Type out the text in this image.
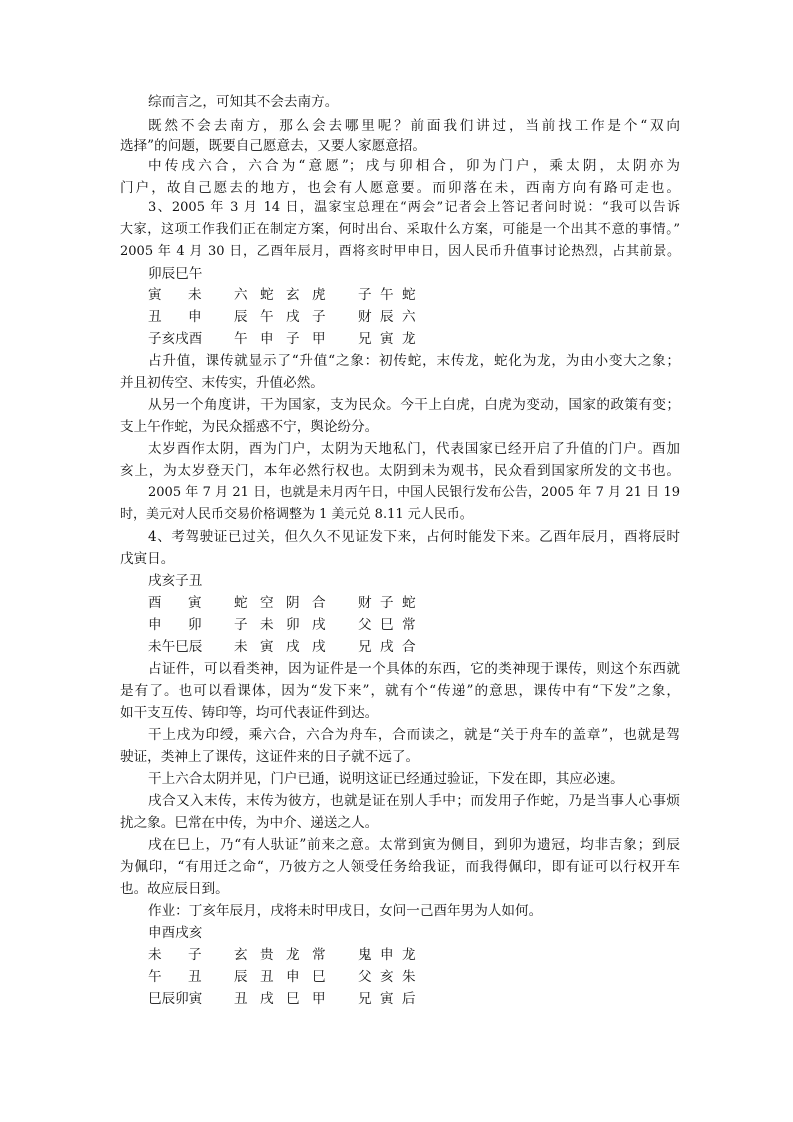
综而言之，可知其不会去南方。
既然不会去南方，那么会去哪里呢？前面我们讲过，当前找工作是个“双向
选择”的问题，既要自己愿意去，又要人家愿意招。
中传戌六合，六合为“意愿”；戌与卯相合，卯为门户，乘太阴，太阴亦为
门户，故自己愿去的地方，也会有人愿意要。而卯落在未，西南方向有路可走也。
3、2005 年 3 月 14 日，温家宝总理在“两会”记者会上答记者问时说：“我可以告诉
大家，这项工作我们正在制定方案，何时出台、采取什么方案，可能是一个出其不意的事情。”
2005 年 4 月 30 日，乙酉年辰月，酉将亥时甲申日，因人民币升值事讨论热烈，占其前景。
卯辰巳午
寅 未 六 蛇 玄 虎 子 午 蛇
丑 申 辰 午 戌 子 财 辰 六
子亥戌酉 午 申 子 甲 兄 寅 龙
占升值，课传就显示了“升值“之象：初传蛇，末传龙，蛇化为龙，为由小变大之象；
并且初传空、末传实，升值必然。
从另一个角度讲，干为国家，支为民众。今干上白虎，白虎为变动，国家的政策有变；
支上午作蛇，为民众摇惑不宁，舆论纷分。
太岁酉作太阴，酉为门户，太阴为天地私门，代表国家已经开启了升值的门户。酉加
亥上，为太岁登天门，本年必然行权也。太阴到未为观书，民众看到国家所发的文书也。
2005 年 7 月 21 日，也就是未月丙午日，中国人民银行发布公告，2005 年 7 月 21 日 19
时，美元对人民币交易价格调整为 1 美元兑 8.11 元人民币。
4、考驾驶证已过关，但久久不见证发下来，占何时能发下来。乙酉年辰月，酉将辰时
戊寅日。
戌亥子丑
酉 寅 蛇 空 阴 合 财 子 蛇
申 卯 子 未 卯 戌 父 巳 常
未午巳辰 未 寅 戌 戌 兄 戌 合
占证件，可以看类神，因为证件是一个具体的东西，它的类神现于课传，则这个东西就
是有了。也可以看课体，因为“发下来”，就有个“传递”的意思，课传中有“下发”之象，
如干支互传、铸印等，均可代表证件到达。
干上戌为印绶，乘六合，六合为舟车，合而读之，就是“关于舟车的盖章”，也就是驾
驶证，类神上了课传，这证件来的日子就不远了。
干上六合太阴并见，门户已通，说明这证已经通过验证，下发在即，其应必速。
戌合又入末传，末传为彼方，也就是证在别人手中；而发用子作蛇，乃是当事人心事烦
扰之象。巳常在中传，为中介、递送之人。
戌在巳上，乃“有人驮证”前来之意。太常到寅为侧目，到卯为遗冠，均非吉象；到辰
为佩印，“有用迁之命“，乃彼方之人领受任务给我证，而我得佩印，即有证可以行权开车
也。故应辰日到。
作业：丁亥年辰月，戌将未时甲戌日，女问一己酉年男为人如何。
申酉戌亥
未 子 玄 贵 龙 常 鬼 申 龙
午 丑 辰 丑 申 巳 父 亥 朱
巳辰卯寅 丑 戌 巳 甲 兄 寅 后
